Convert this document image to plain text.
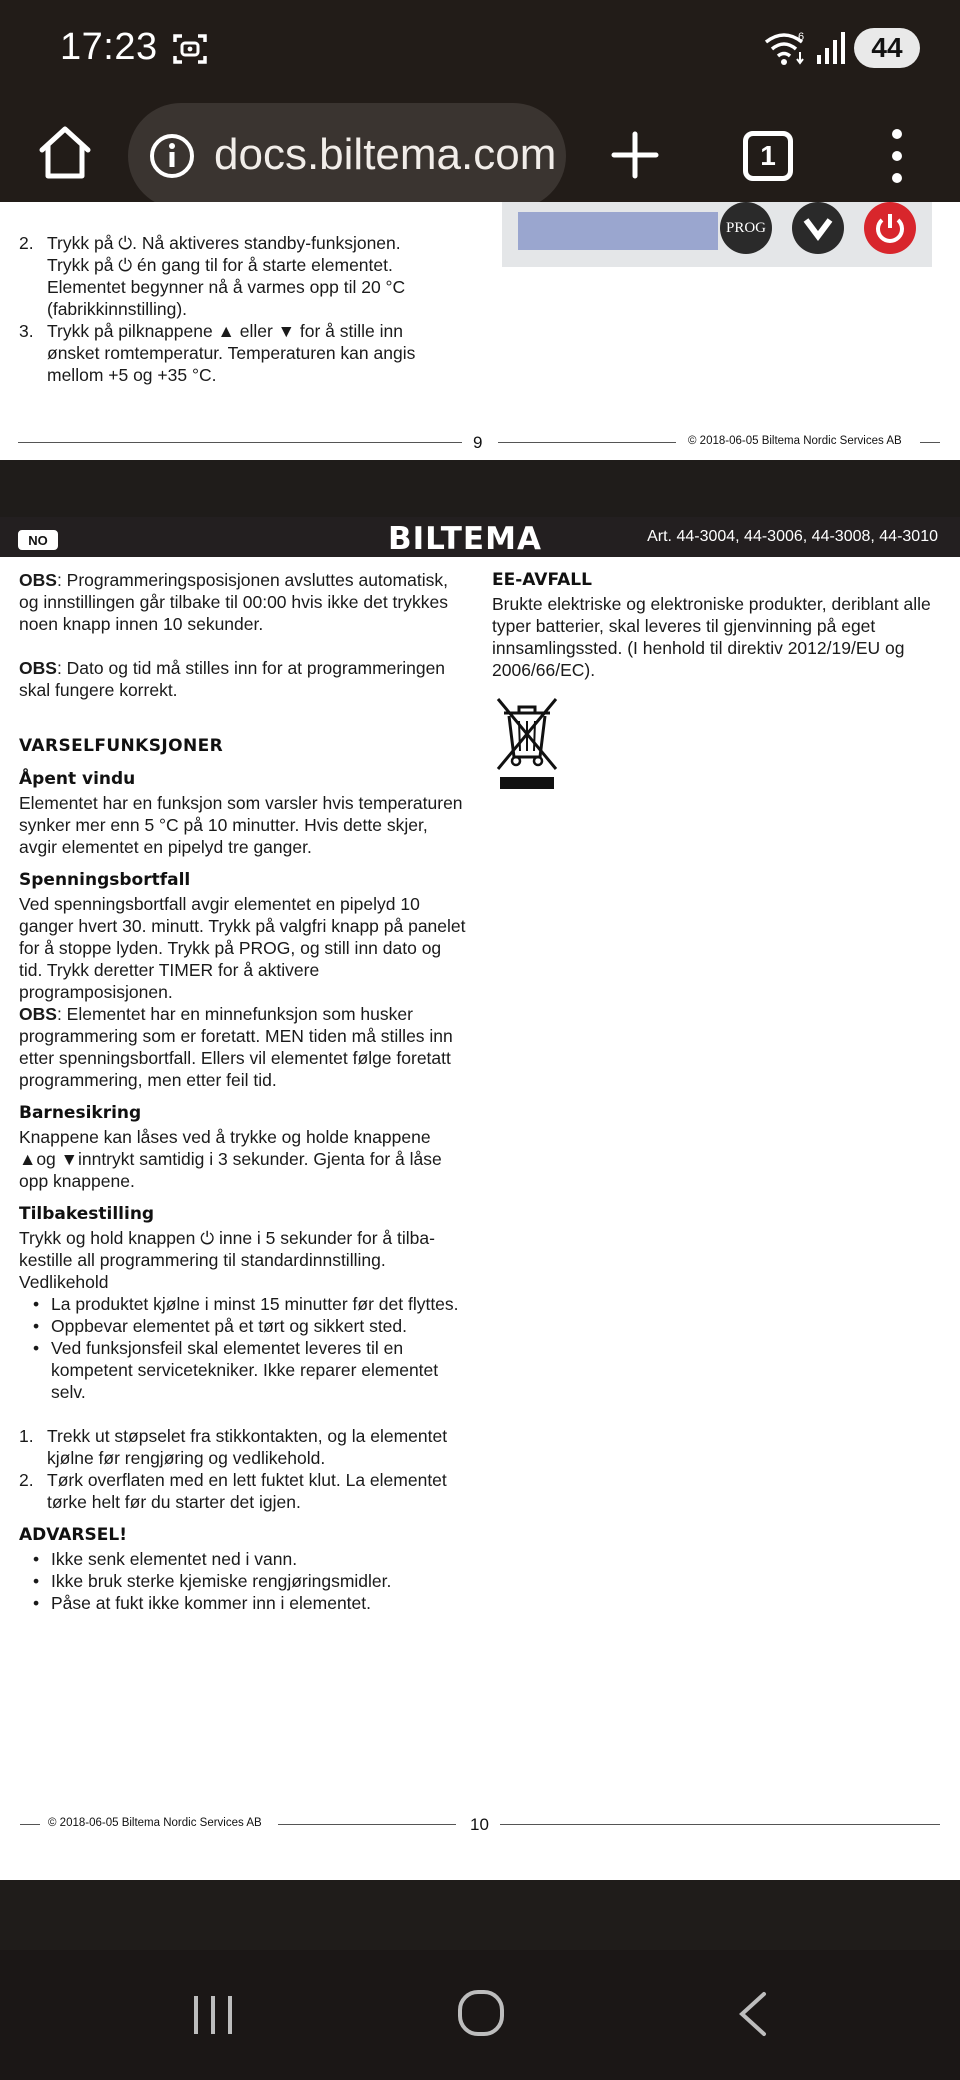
17:23	6	44
docs.biltema.com	1
2. Trykk på ⏻. Nå aktiveres standby-funksjonen.
Trykk på ⏻ én gang til for å starte elementet.
Elementet begynner nå å varmes opp til 20 °C
(fabrikkinnstilling).
3. Trykk på pilknappene ▲ eller ▼ for å stille inn
ønsket romtemperatur. Temperaturen kan angis
mellom +5 og +35 °C.
PROG
9	© 2018-06-05 Biltema Nordic Services AB
NO	BILTEMA	Art. 44-3004, 44-3006, 44-3008, 44-3010
OBS: Programmeringsposisjonen avsluttes automatisk, og innstillingen går tilbake til 00:00 hvis ikke det trykkes noen knapp innen 10 sekunder.
OBS: Dato og tid må stilles inn for at programmeringen skal fungere korrekt.
VARSELFUNKSJONER
Åpent vindu
Elementet har en funksjon som varsler hvis temperaturen synker mer enn 5 °C på 10 minutter. Hvis dette skjer, avgir elementet en pipelyd tre ganger.
Spenningsbortfall
Ved spenningsbortfall avgir elementet en pipelyd 10 ganger hvert 30. minutt. Trykk på valgfri knapp på panelet for å stoppe lyden. Trykk på PROG, og still inn dato og tid. Trykk deretter TIMER for å aktivere programposisjonen.
OBS: Elementet har en minnefunksjon som husker programmering som er foretatt. MEN tiden må stilles inn etter spenningsbortfall. Ellers vil elementet følge foretatt programmering, men etter feil tid.
Barnesikring
Knappene kan låses ved å trykke og holde knappene ▲og ▼inntrykt samtidig i 3 sekunder. Gjenta for å låse opp knappene.
Tilbakestilling
Trykk og hold knappen ⏻ inne i 5 sekunder for å tilbakestille all programmering til standardinnstilling.
Vedlikehold
• La produktet kjølne i minst 15 minutter før det flyttes.
• Oppbevar elementet på et tørt og sikkert sted.
• Ved funksjonsfeil skal elementet leveres til en kompetent servicetekniker. Ikke reparer elementet selv.
1. Trekk ut støpselet fra stikkontakten, og la elementet kjølne før rengjøring og vedlikehold.
2. Tørk overflaten med en lett fuktet klut. La elementet tørke helt før du starter det igjen.
ADVARSEL!
• Ikke senk elementet ned i vann.
• Ikke bruk sterke kjemiske rengjøringsmidler.
• Påse at fukt ikke kommer inn i elementet.
EE-AVFALL
Brukte elektriske og elektroniske produkter, deriblant alle typer batterier, skal leveres til gjenvinning på eget innsamlingssted. (I henhold til direktiv 2012/19/EU og 2006/66/EC).
© 2018-06-05 Biltema Nordic Services AB	10
